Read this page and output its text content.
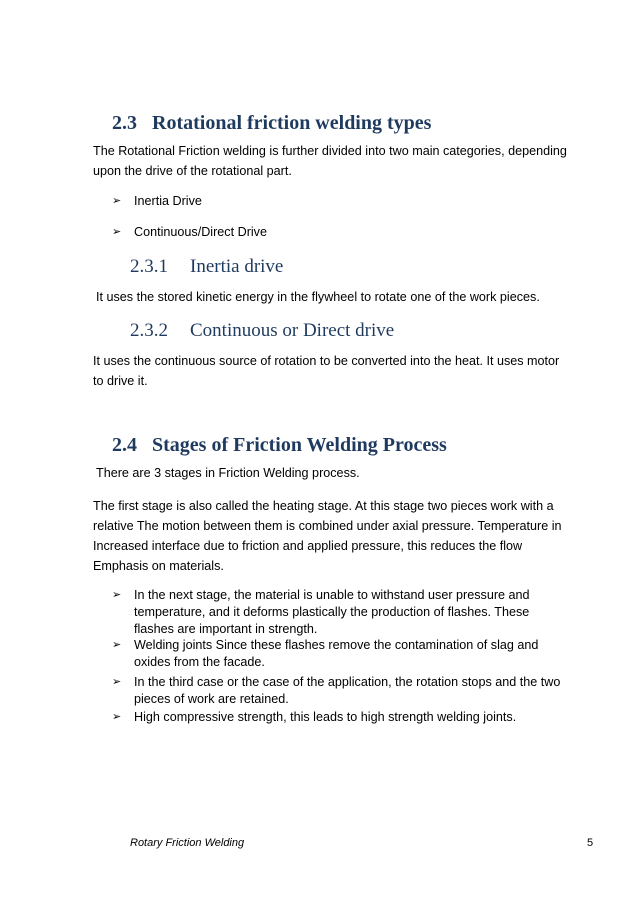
2.3 Rotational friction welding types
The Rotational Friction welding is further divided into two main categories, depending
upon the drive of the rotational part.
➢ Inertia Drive
➢ Continuous/Direct Drive
2.3.1 Inertia drive
It uses the stored kinetic energy in the flywheel to rotate one of the work pieces.
2.3.2 Continuous or Direct drive
It uses the continuous source of rotation to be converted into the heat. It uses motor
to drive it.
2.4 Stages of Friction Welding Process
There are 3 stages in Friction Welding process.
The first stage is also called the heating stage. At this stage two pieces work with a
relative The motion between them is combined under axial pressure. Temperature in
Increased interface due to friction and applied pressure, this reduces the flow
Emphasis on materials.
➢ In the next stage, the material is unable to withstand user pressure and
temperature, and it deforms plastically the production of flashes. These
flashes are important in strength.
➢ Welding joints Since these flashes remove the contamination of slag and
oxides from the facade.
➢ In the third case or the case of the application, the rotation stops and the two
pieces of work are retained.
➢ High compressive strength, this leads to high strength welding joints.
Rotary Friction Welding	5
